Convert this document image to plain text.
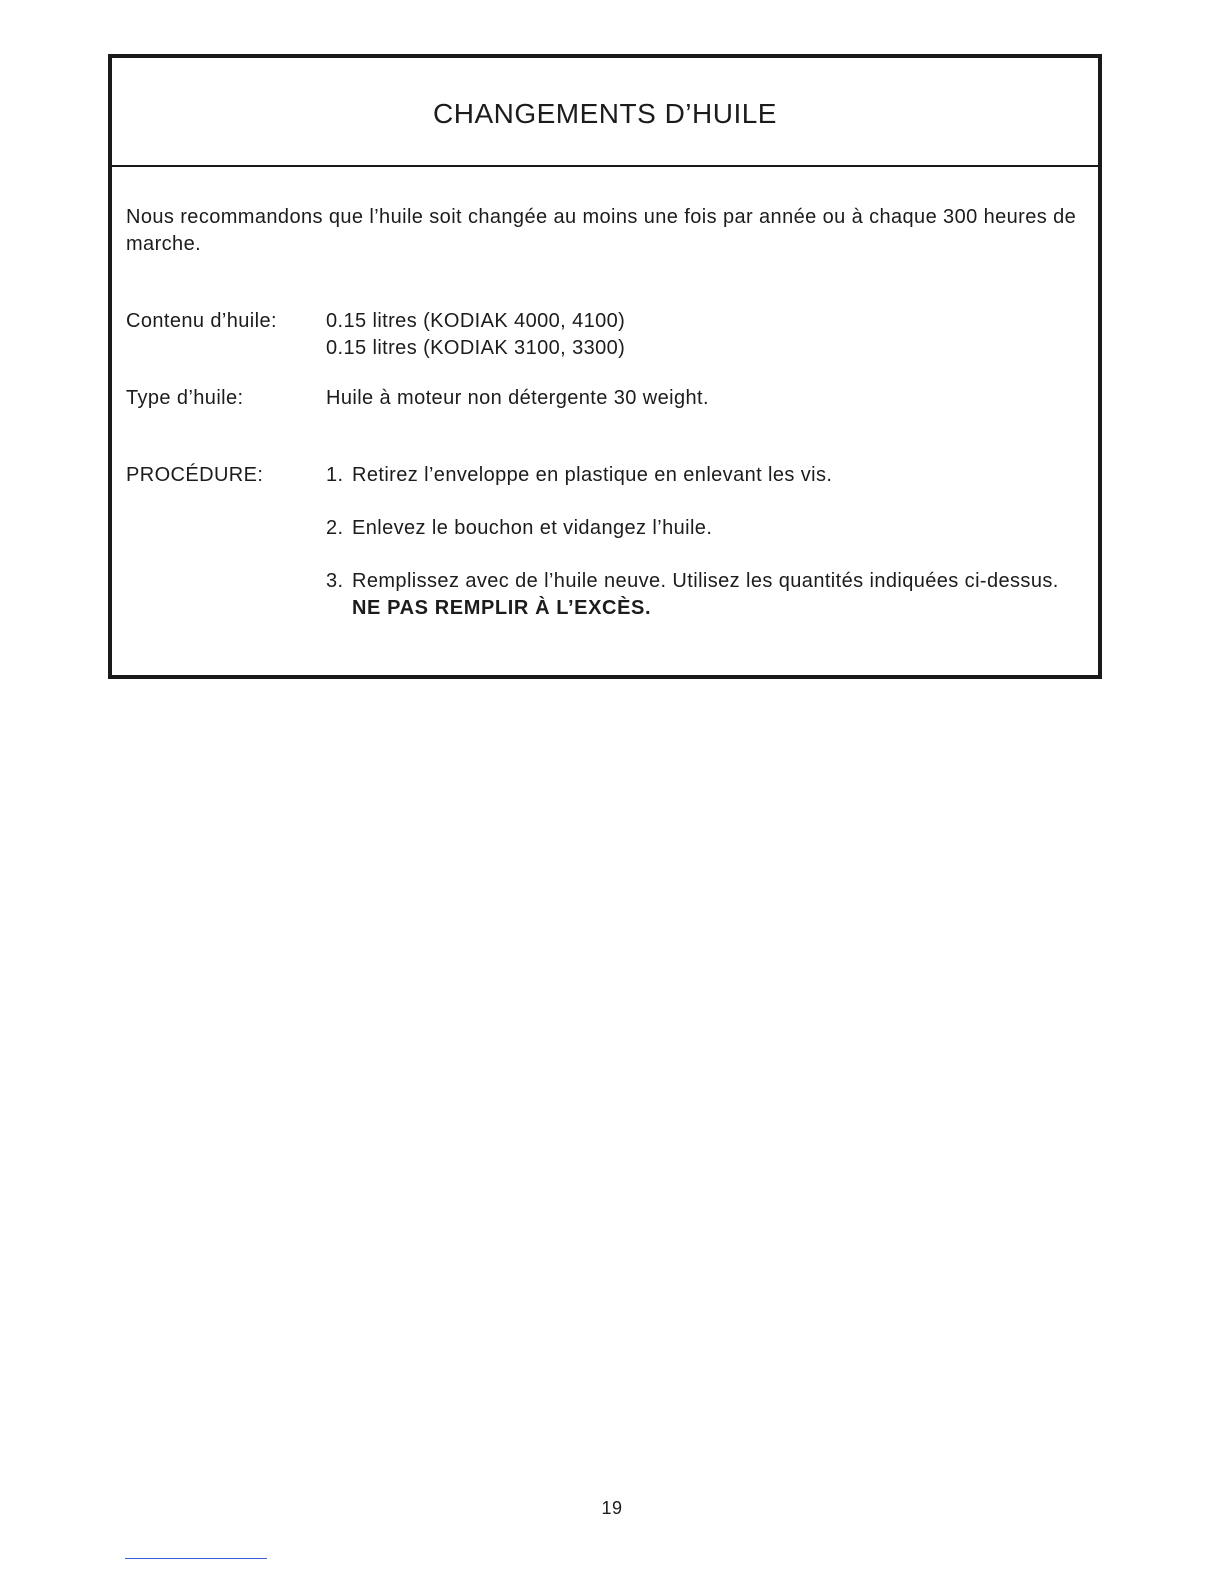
CHANGEMENTS D’HUILE

Nous recommandons que l’huile soit changée au moins une fois par année ou à chaque 300 heures de marche.

Contenu d’huile: 0.15 litres (KODIAK 4000, 4100)
0.15 litres (KODIAK 3100, 3300)
Type d’huile:	Huile à moteur non détergente 30 weight.
PROCÉDURE:	1. Retirez l’enveloppe en plastique en enlevant les vis.
2. Enlevez le bouchon et vidangez l’huile.
3. Remplissez avec de l’huile neuve. Utilisez les quantités indiquées ci-dessus. NE PAS REMPLIR À L’EXCÈS.
19
